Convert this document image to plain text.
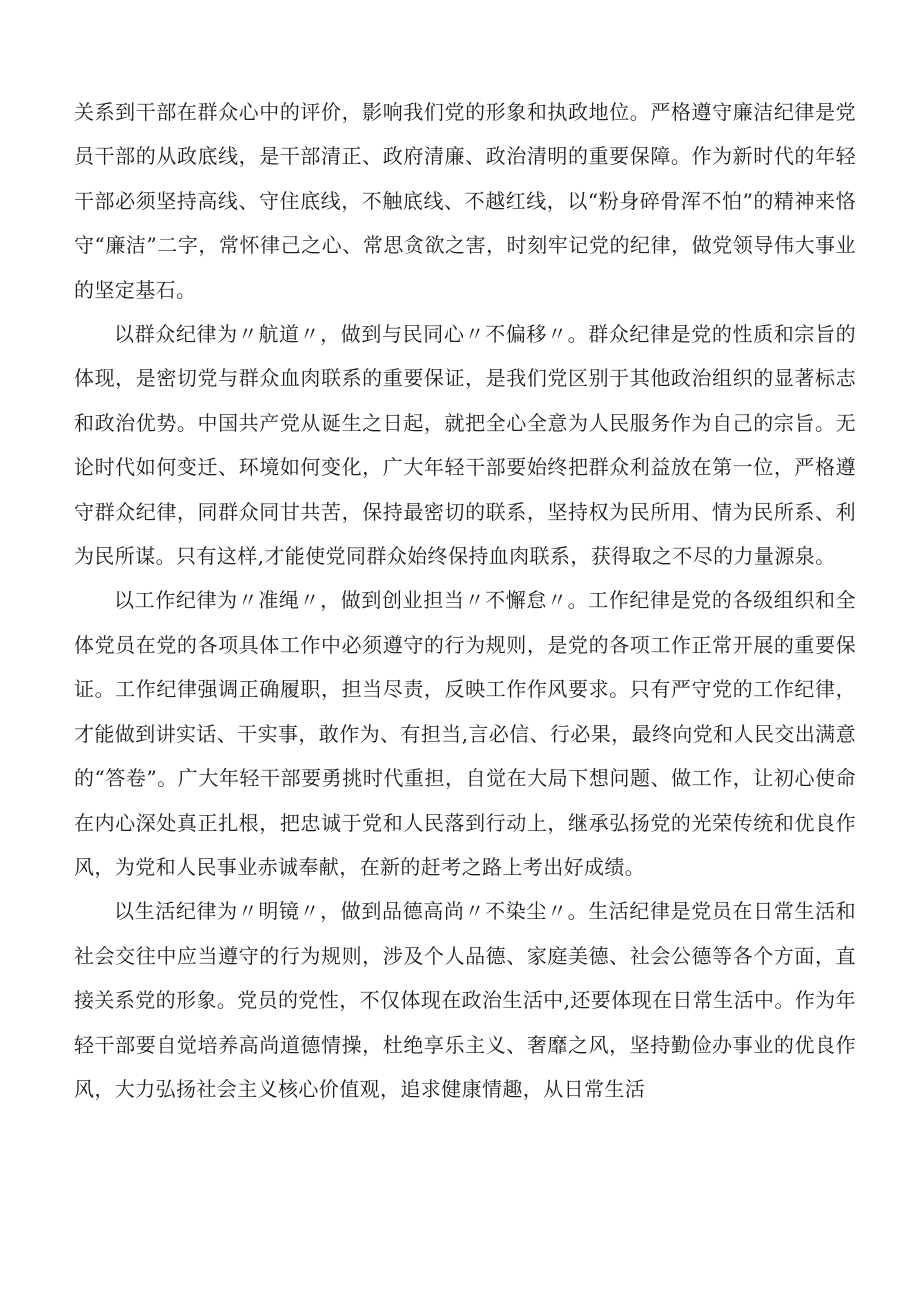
关系到干部在群众心中的评价，影响我们党的形象和执政地位。严格遵守廉洁纪律是党员干部的从政底线，是干部清正、政府清廉、政治清明的重要保障。作为新时代的年轻干部必须坚持高线、守住底线，不触底线、不越红线，以“粉身碎骨浑不怕”的精神来恪守“廉洁”二字，常怀律己之心、常思贪欲之害，时刻牢记党的纪律，做党领导伟大事业的坚定基石。

以群众纪律为〃航道〃，做到与民同心〃不偏移〃。群众纪律是党的性质和宗旨的体现，是密切党与群众血肉联系的重要保证，是我们党区别于其他政治组织的显著标志和政治优势。中国共产党从诞生之日起，就把全心全意为人民服务作为自己的宗旨。无论时代如何变迁、环境如何变化，广大年轻干部要始终把群众利益放在第一位，严格遵守群众纪律，同群众同甘共苦，保持最密切的联系，坚持权为民所用、情为民所系、利为民所谋。只有这样,才能使党同群众始终保持血肉联系，获得取之不尽的力量源泉。

以工作纪律为〃准绳〃，做到创业担当〃不懈怠〃。工作纪律是党的各级组织和全体党员在党的各项具体工作中必须遵守的行为规则，是党的各项工作正常开展的重要保证。工作纪律强调正确履职，担当尽责，反映工作作风要求。只有严守党的工作纪律，才能做到讲实话、干实事，敢作为、有担当,言必信、行必果，最终向党和人民交出满意的“答卷”。广大年轻干部要勇挑时代重担，自觉在大局下想问题、做工作，让初心使命在内心深处真正扎根，把忠诚于党和人民落到行动上，继承弘扬党的光荣传统和优良作风，为党和人民事业赤诚奉献，在新的赶考之路上考出好成绩。

以生活纪律为〃明镜〃，做到品德高尚〃不染尘〃。生活纪律是党员在日常生活和社会交往中应当遵守的行为规则，涉及个人品德、家庭美德、社会公德等各个方面，直接关系党的形象。党员的党性，不仅体现在政治生活中,还要体现在日常生活中。作为年轻干部要自觉培养高尚道德情操，杜绝享乐主义、奢靡之风，坚持勤俭办事业的优良作风，大力弘扬社会主义核心价值观，追求健康情趣，从日常生活
